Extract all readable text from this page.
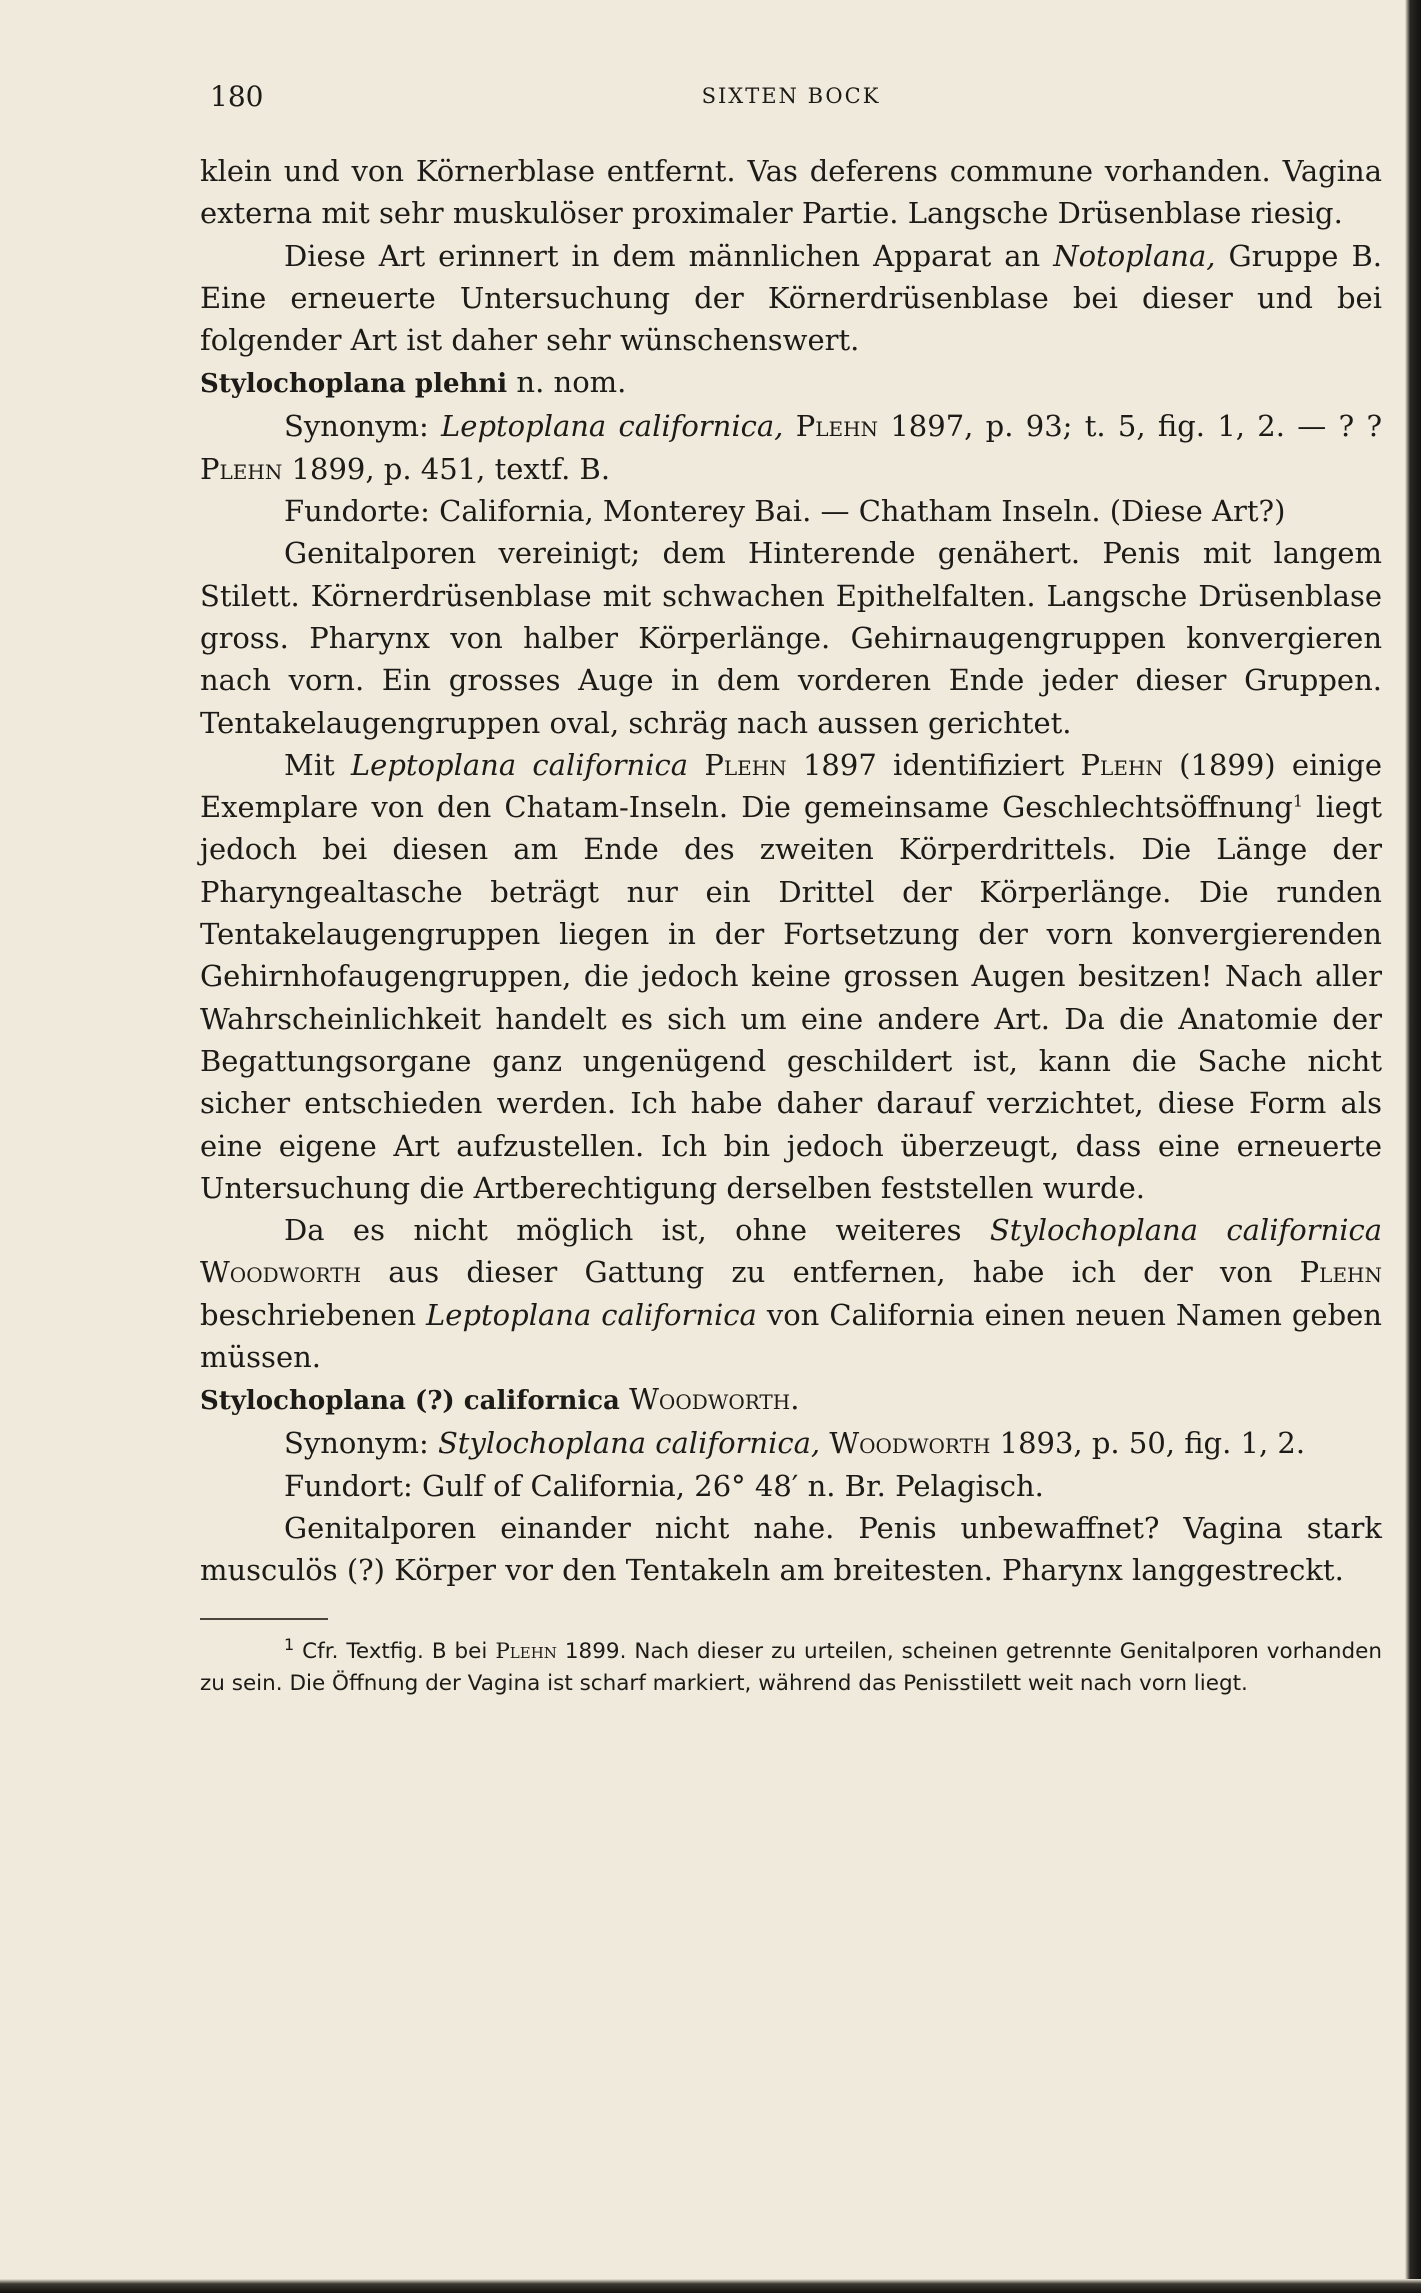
180	SIXTEN BOCK

klein und von Körnerblase entfernt. Vas deferens commune vorhanden. Vagina externa mit sehr muskulöser proximaler Partie. Langsche Drüsenblase riesig.

Diese Art erinnert in dem männlichen Apparat an Notoplana, Gruppe B. Eine erneuerte Untersuchung der Körnerdrüsenblase bei dieser und bei folgender Art ist daher sehr wünschenswert.

Stylochoplana plehni n. nom.

Synonym: Leptoplana californica, Plehn 1897, p. 93; t. 5, fig. 1, 2. — ? ? Plehn 1899, p. 451, textf. B.

Fundorte: California, Monterey Bai. — Chatham Inseln. (Diese Art?)

Genitalporen vereinigt; dem Hinterende genähert. Penis mit langem Stilett. Körnerdrüsenblase mit schwachen Epithelfalten. Langsche Drüsenblase gross. Pharynx von halber Körperlänge. Gehirnaugengruppen konvergieren nach vorn. Ein grosses Auge in dem vorderen Ende jeder dieser Gruppen. Tentakelaugengruppen oval, schräg nach aussen gerichtet.

Mit Leptoplana californica Plehn 1897 identifiziert Plehn (1899) einige Exemplare von den Chatam-Inseln. Die gemeinsame Geschlechtsöffnung$^1$ liegt jedoch bei diesen am Ende des zweiten Körperdrittels. Die Länge der Pharyngealtasche beträgt nur ein Drittel der Körperlänge. Die runden Tentakelaugengruppen liegen in der Fortsetzung der vorn konvergierenden Gehirnhofaugengruppen, die jedoch keine grossen Augen besitzen! Nach aller Wahrscheinlichkeit handelt es sich um eine andere Art. Da die Anatomie der Begattungsorgane ganz ungenügend geschildert ist, kann die Sache nicht sicher entschieden werden. Ich habe daher darauf verzichtet, diese Form als eine eigene Art aufzustellen. Ich bin jedoch überzeugt, dass eine erneuerte Untersuchung die Artberechtigung derselben feststellen wurde.

Da es nicht möglich ist, ohne weiteres Stylochoplana californica Woodworth aus dieser Gattung zu entfernen, habe ich der von Plehn beschriebenen Leptoplana californica von California einen neuen Namen geben müssen.

Stylochoplana (?) californica Woodworth.

Synonym: Stylochoplana californica, Woodworth 1893, p. 50, fig. 1, 2.

Fundort: Gulf of California, 26° 48′ n. Br. Pelagisch.

Genitalporen einander nicht nahe. Penis unbewaffnet? Vagina stark musculös (?) Körper vor den Tentakeln am breitesten. Pharynx langgestreckt.

$^1$ Cfr. Textfig. B bei Plehn 1899. Nach dieser zu urteilen, scheinen getrennte Genitalporen vorhanden zu sein. Die Öffnung der Vagina ist scharf markiert, während das Penisstilett weit nach vorn liegt.
